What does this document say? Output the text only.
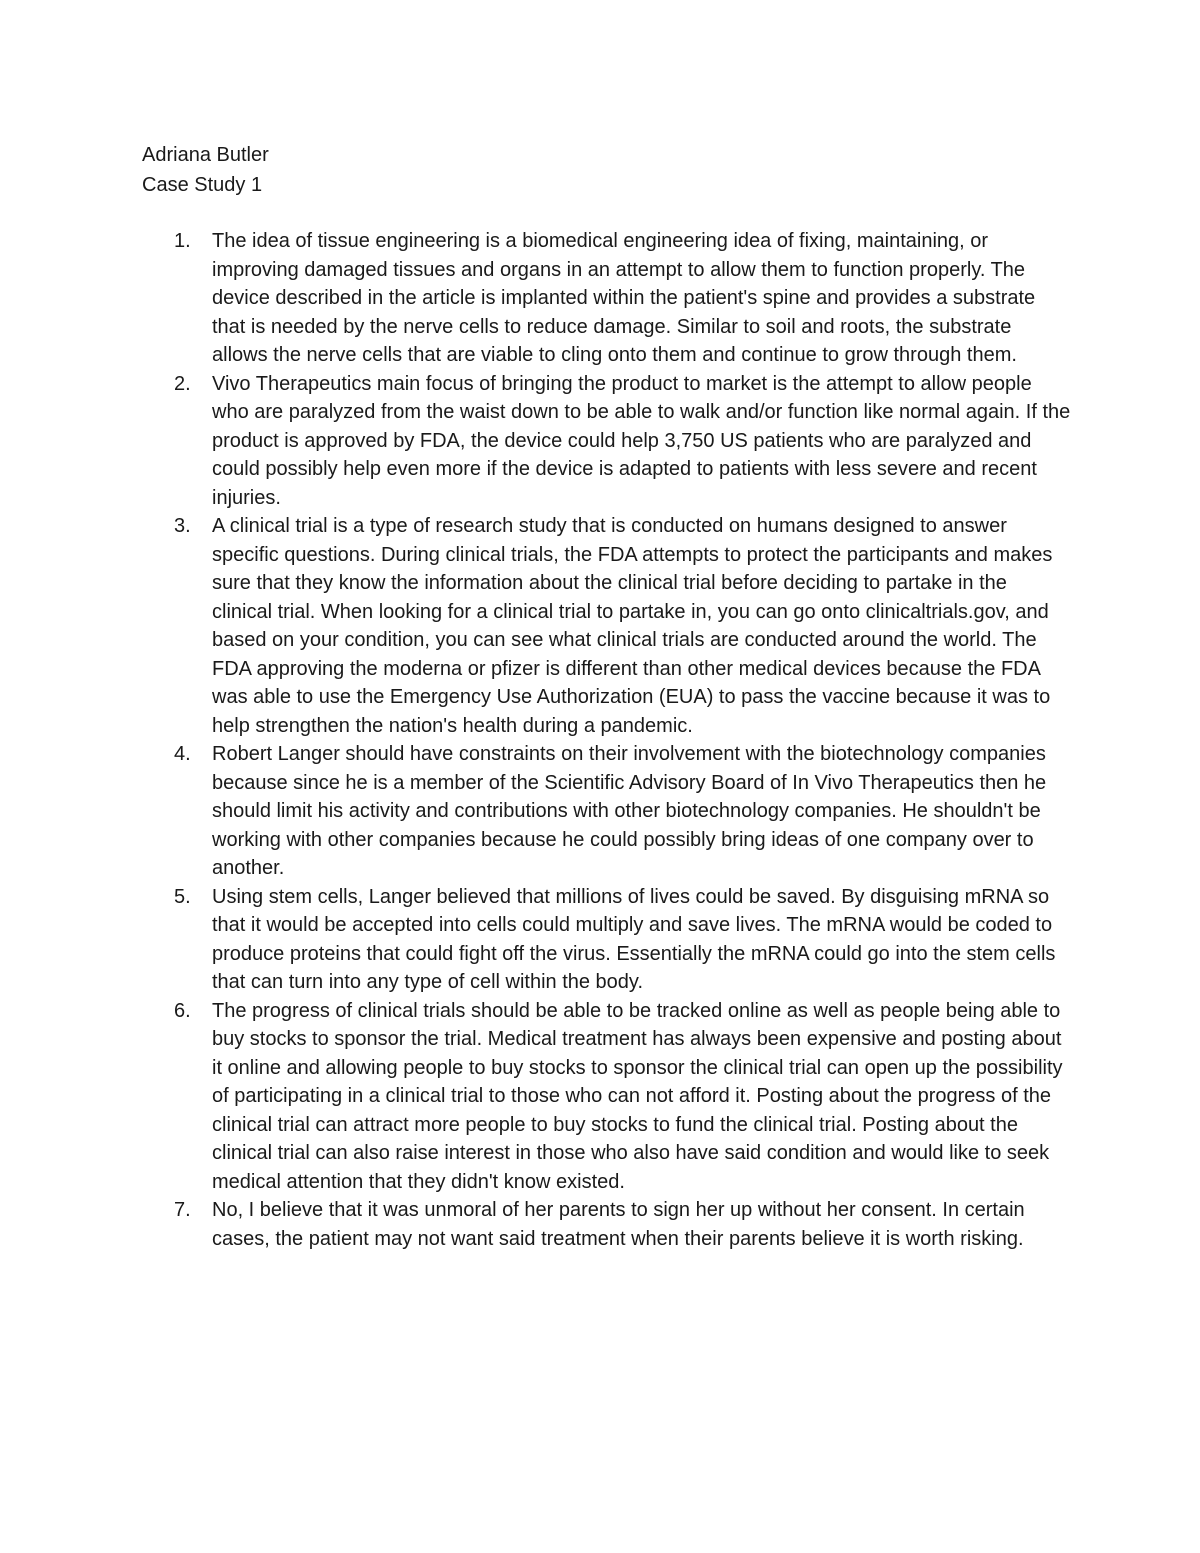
Adriana Butler
Case Study 1
1.	The idea of tissue engineering is a biomedical engineering idea of fixing, maintaining, or improving damaged tissues and organs in an attempt to allow them to function properly. The device described in the article is implanted within the patient's spine and provides a substrate that is needed by the nerve cells to reduce damage. Similar to soil and roots, the substrate allows the nerve cells that are viable to cling onto them and continue to grow through them.
2.	Vivo Therapeutics main focus of bringing the product to market is the attempt to allow people who are paralyzed from the waist down to be able to walk and/or function like normal again. If the product is approved by FDA, the device could help 3,750 US patients who are paralyzed and could possibly help even more if the device is adapted to patients with less severe and recent injuries.
3.	A clinical trial is a type of research study that is conducted on humans designed to answer specific questions. During clinical trials, the FDA attempts to protect the participants and makes sure that they know the information about the clinical trial before deciding to partake in the clinical trial. When looking for a clinical trial to partake in, you can go onto clinicaltrials.gov, and based on your condition, you can see what clinical trials are conducted around the world. The FDA approving the moderna or pfizer is different than other medical devices because the FDA was able to use the Emergency Use Authorization (EUA) to pass the vaccine because it was to help strengthen the nation's health during a pandemic.
4.	Robert Langer should have constraints on their involvement with the biotechnology companies because since he is a member of the Scientific Advisory Board of In Vivo Therapeutics then he should limit his activity and contributions with other biotechnology companies. He shouldn't be working with other companies because he could possibly bring ideas of one company over to another.
5.	Using stem cells, Langer believed that millions of lives could be saved. By disguising mRNA so that it would be accepted into cells could multiply and save lives. The mRNA would be coded to produce proteins that could fight off the virus. Essentially the mRNA could go into the stem cells that can turn into any type of cell within the body.
6.	The progress of clinical trials should be able to be tracked online as well as people being able to buy stocks to sponsor the trial. Medical treatment has always been expensive and posting about it online and allowing people to buy stocks to sponsor the clinical trial can open up the possibility of participating in a clinical trial to those who can not afford it. Posting about the progress of the clinical trial can attract more people to buy stocks to fund the clinical trial. Posting about the clinical trial can also raise interest in those who also have said condition and would like to seek medical attention that they didn't know existed.
7.	No, I believe that it was unmoral of her parents to sign her up without her consent. In certain cases, the patient may not want said treatment when their parents believe it is worth risking.
